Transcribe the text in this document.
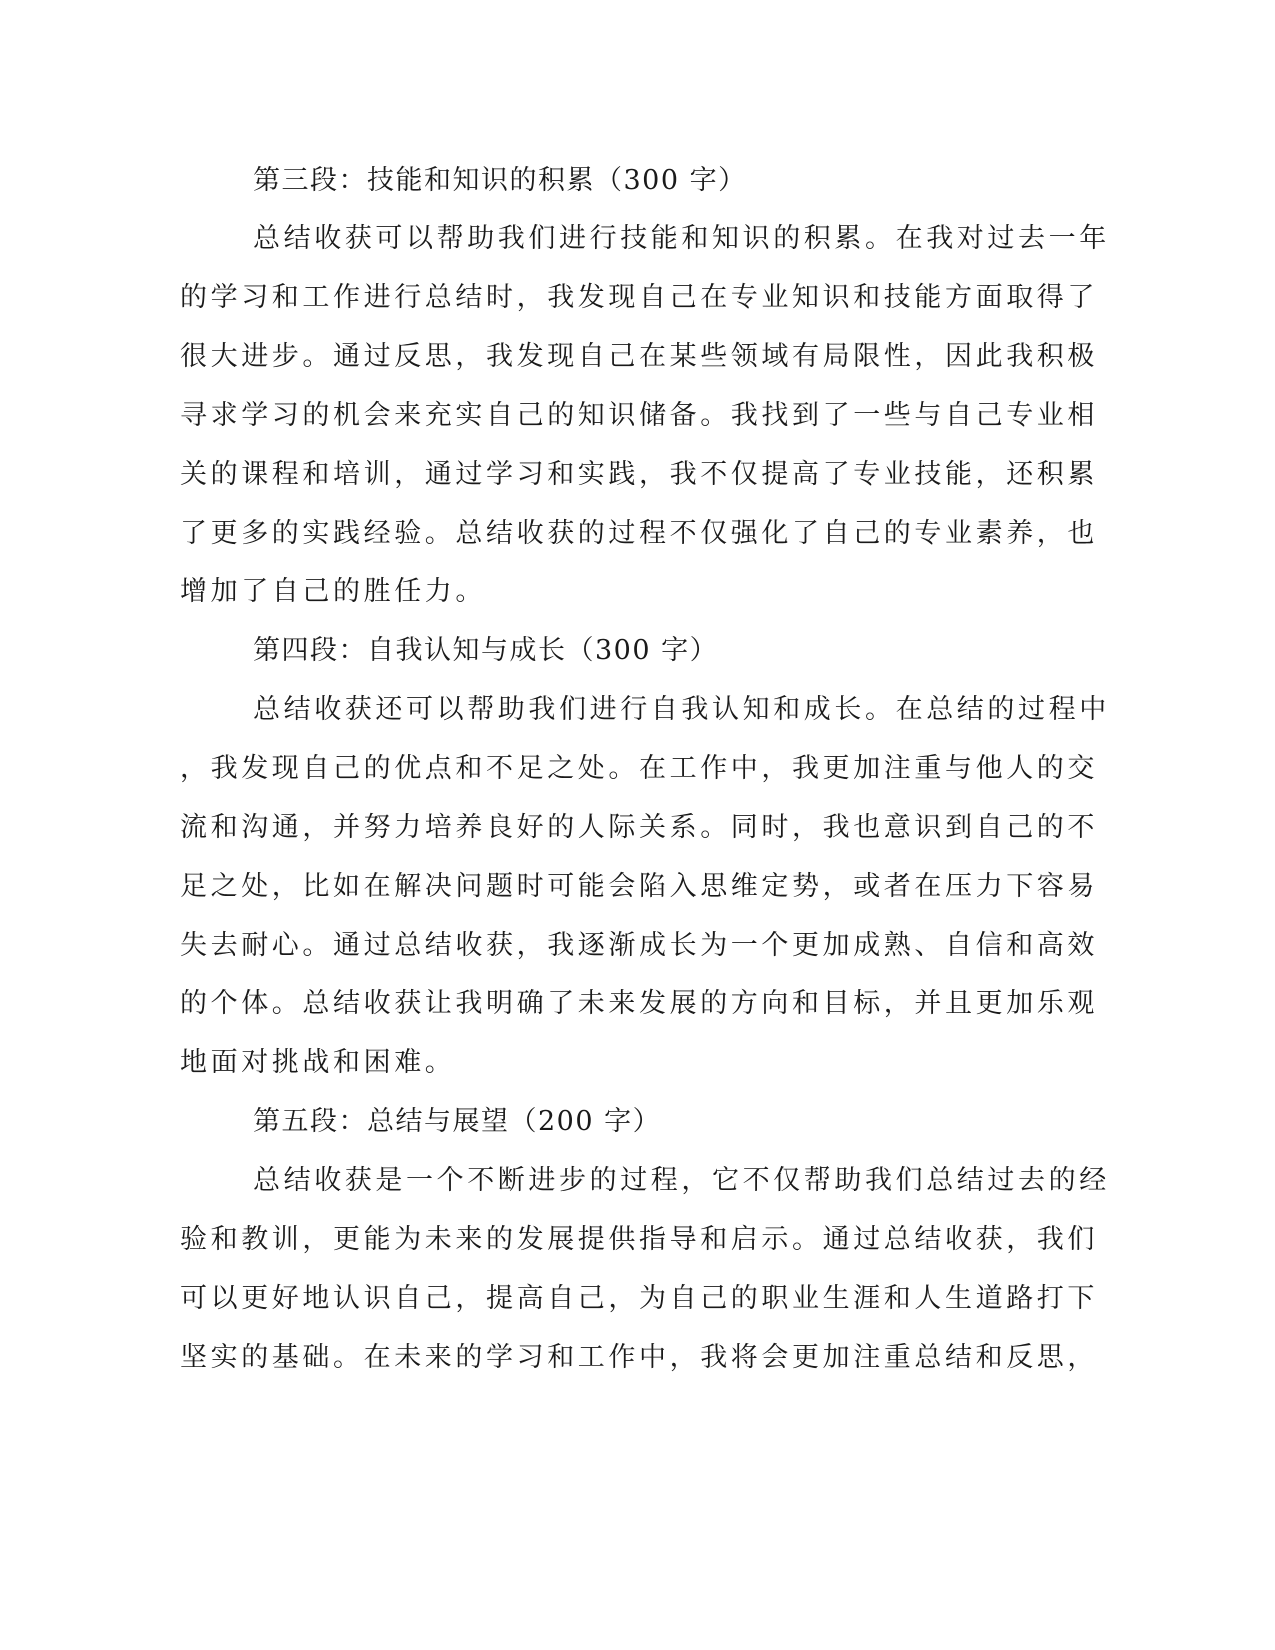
第三段：技能和知识的积累（300 字）
总结收获可以帮助我们进行技能和知识的积累。在我对过去一年
的学习和工作进行总结时，我发现自己在专业知识和技能方面取得了
很大进步。通过反思，我发现自己在某些领域有局限性，因此我积极
寻求学习的机会来充实自己的知识储备。我找到了一些与自己专业相
关的课程和培训，通过学习和实践，我不仅提高了专业技能，还积累
了更多的实践经验。总结收获的过程不仅强化了自己的专业素养，也
增加了自己的胜任力。
第四段：自我认知与成长（300 字）
总结收获还可以帮助我们进行自我认知和成长。在总结的过程中
，我发现自己的优点和不足之处。在工作中，我更加注重与他人的交
流和沟通，并努力培养良好的人际关系。同时，我也意识到自己的不
足之处，比如在解决问题时可能会陷入思维定势，或者在压力下容易
失去耐心。通过总结收获，我逐渐成长为一个更加成熟、自信和高效
的个体。总结收获让我明确了未来发展的方向和目标，并且更加乐观
地面对挑战和困难。
第五段：总结与展望（200 字）
总结收获是一个不断进步的过程，它不仅帮助我们总结过去的经
验和教训，更能为未来的发展提供指导和启示。通过总结收获，我们
可以更好地认识自己，提高自己，为自己的职业生涯和人生道路打下
坚实的基础。在未来的学习和工作中，我将会更加注重总结和反思，
